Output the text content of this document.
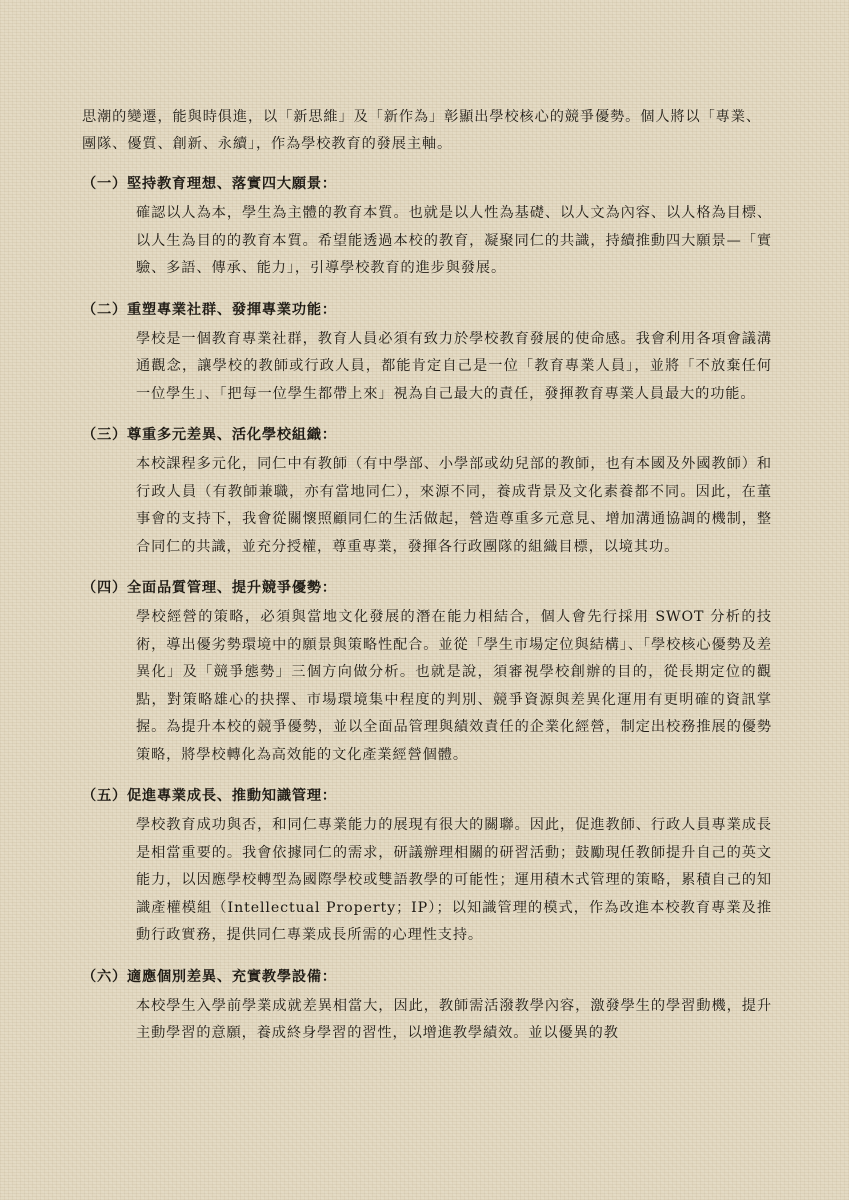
思潮的變遷，能與時俱進，以「新思維」及「新作為」彰顯出學校核心的競爭優勢。個人將以「專業、團隊、優質、創新、永續」，作為學校教育的發展主軸。

（一）堅持教育理想、落實四大願景：

確認以人為本，學生為主體的教育本質。也就是以人性為基礎、以人文為內容、以人格為目標、以人生為目的的教育本質。希望能透過本校的教育，凝聚同仁的共識，持續推動四大願景—「實驗、多語、傳承、能力」，引導學校教育的進步與發展。

（二）重塑專業社群、發揮專業功能：

學校是一個教育專業社群，教育人員必須有致力於學校教育發展的使命感。我會利用各項會議溝通觀念，讓學校的教師或行政人員，都能肯定自己是一位「教育專業人員」，並將「不放棄任何一位學生」、「把每一位學生都帶上來」視為自己最大的責任，發揮教育專業人員最大的功能。

（三）尊重多元差異、活化學校組織：

本校課程多元化，同仁中有教師（有中學部、小學部或幼兒部的教師，也有本國及外國教師）和行政人員（有教師兼職，亦有當地同仁），來源不同，養成背景及文化素養都不同。因此，在董事會的支持下，我會從關懷照顧同仁的生活做起，營造尊重多元意見、增加溝通協調的機制，整合同仁的共識，並充分授權，尊重專業，發揮各行政團隊的組織目標，以境其功。

（四）全面品質管理、提升競爭優勢：

學校經營的策略，必須與當地文化發展的潛在能力相結合，個人會先行採用 SWOT 分析的技術，導出優劣勢環境中的願景與策略性配合。並從「學生市場定位與結構」、「學校核心優勢及差異化」及「競爭態勢」三個方向做分析。也就是說，須審視學校創辦的目的，從長期定位的觀點，對策略雄心的抉擇、市場環境集中程度的判別、競爭資源與差異化運用有更明確的資訊掌握。為提升本校的競爭優勢，並以全面品管理與績效責任的企業化經營，制定出校務推展的優勢策略，將學校轉化為高效能的文化產業經營個體。

（五）促進專業成長、推動知識管理：

學校教育成功與否，和同仁專業能力的展現有很大的關聯。因此，促進教師、行政人員專業成長是相當重要的。我會依據同仁的需求，研議辦理相關的研習活動；鼓勵現任教師提升自己的英文能力，以因應學校轉型為國際學校或雙語教學的可能性；運用積木式管理的策略，累積自己的知識產權模組（Intellectual Property；IP）；以知識管理的模式，作為改進本校教育專業及推動行政實務，提供同仁專業成長所需的心理性支持。

（六）適應個別差異、充實教學設備：

本校學生入學前學業成就差異相當大，因此，教師需活潑教學內容，激發學生的學習動機，提升主動學習的意願，養成終身學習的習性，以增進教學績效。並以優異的教
